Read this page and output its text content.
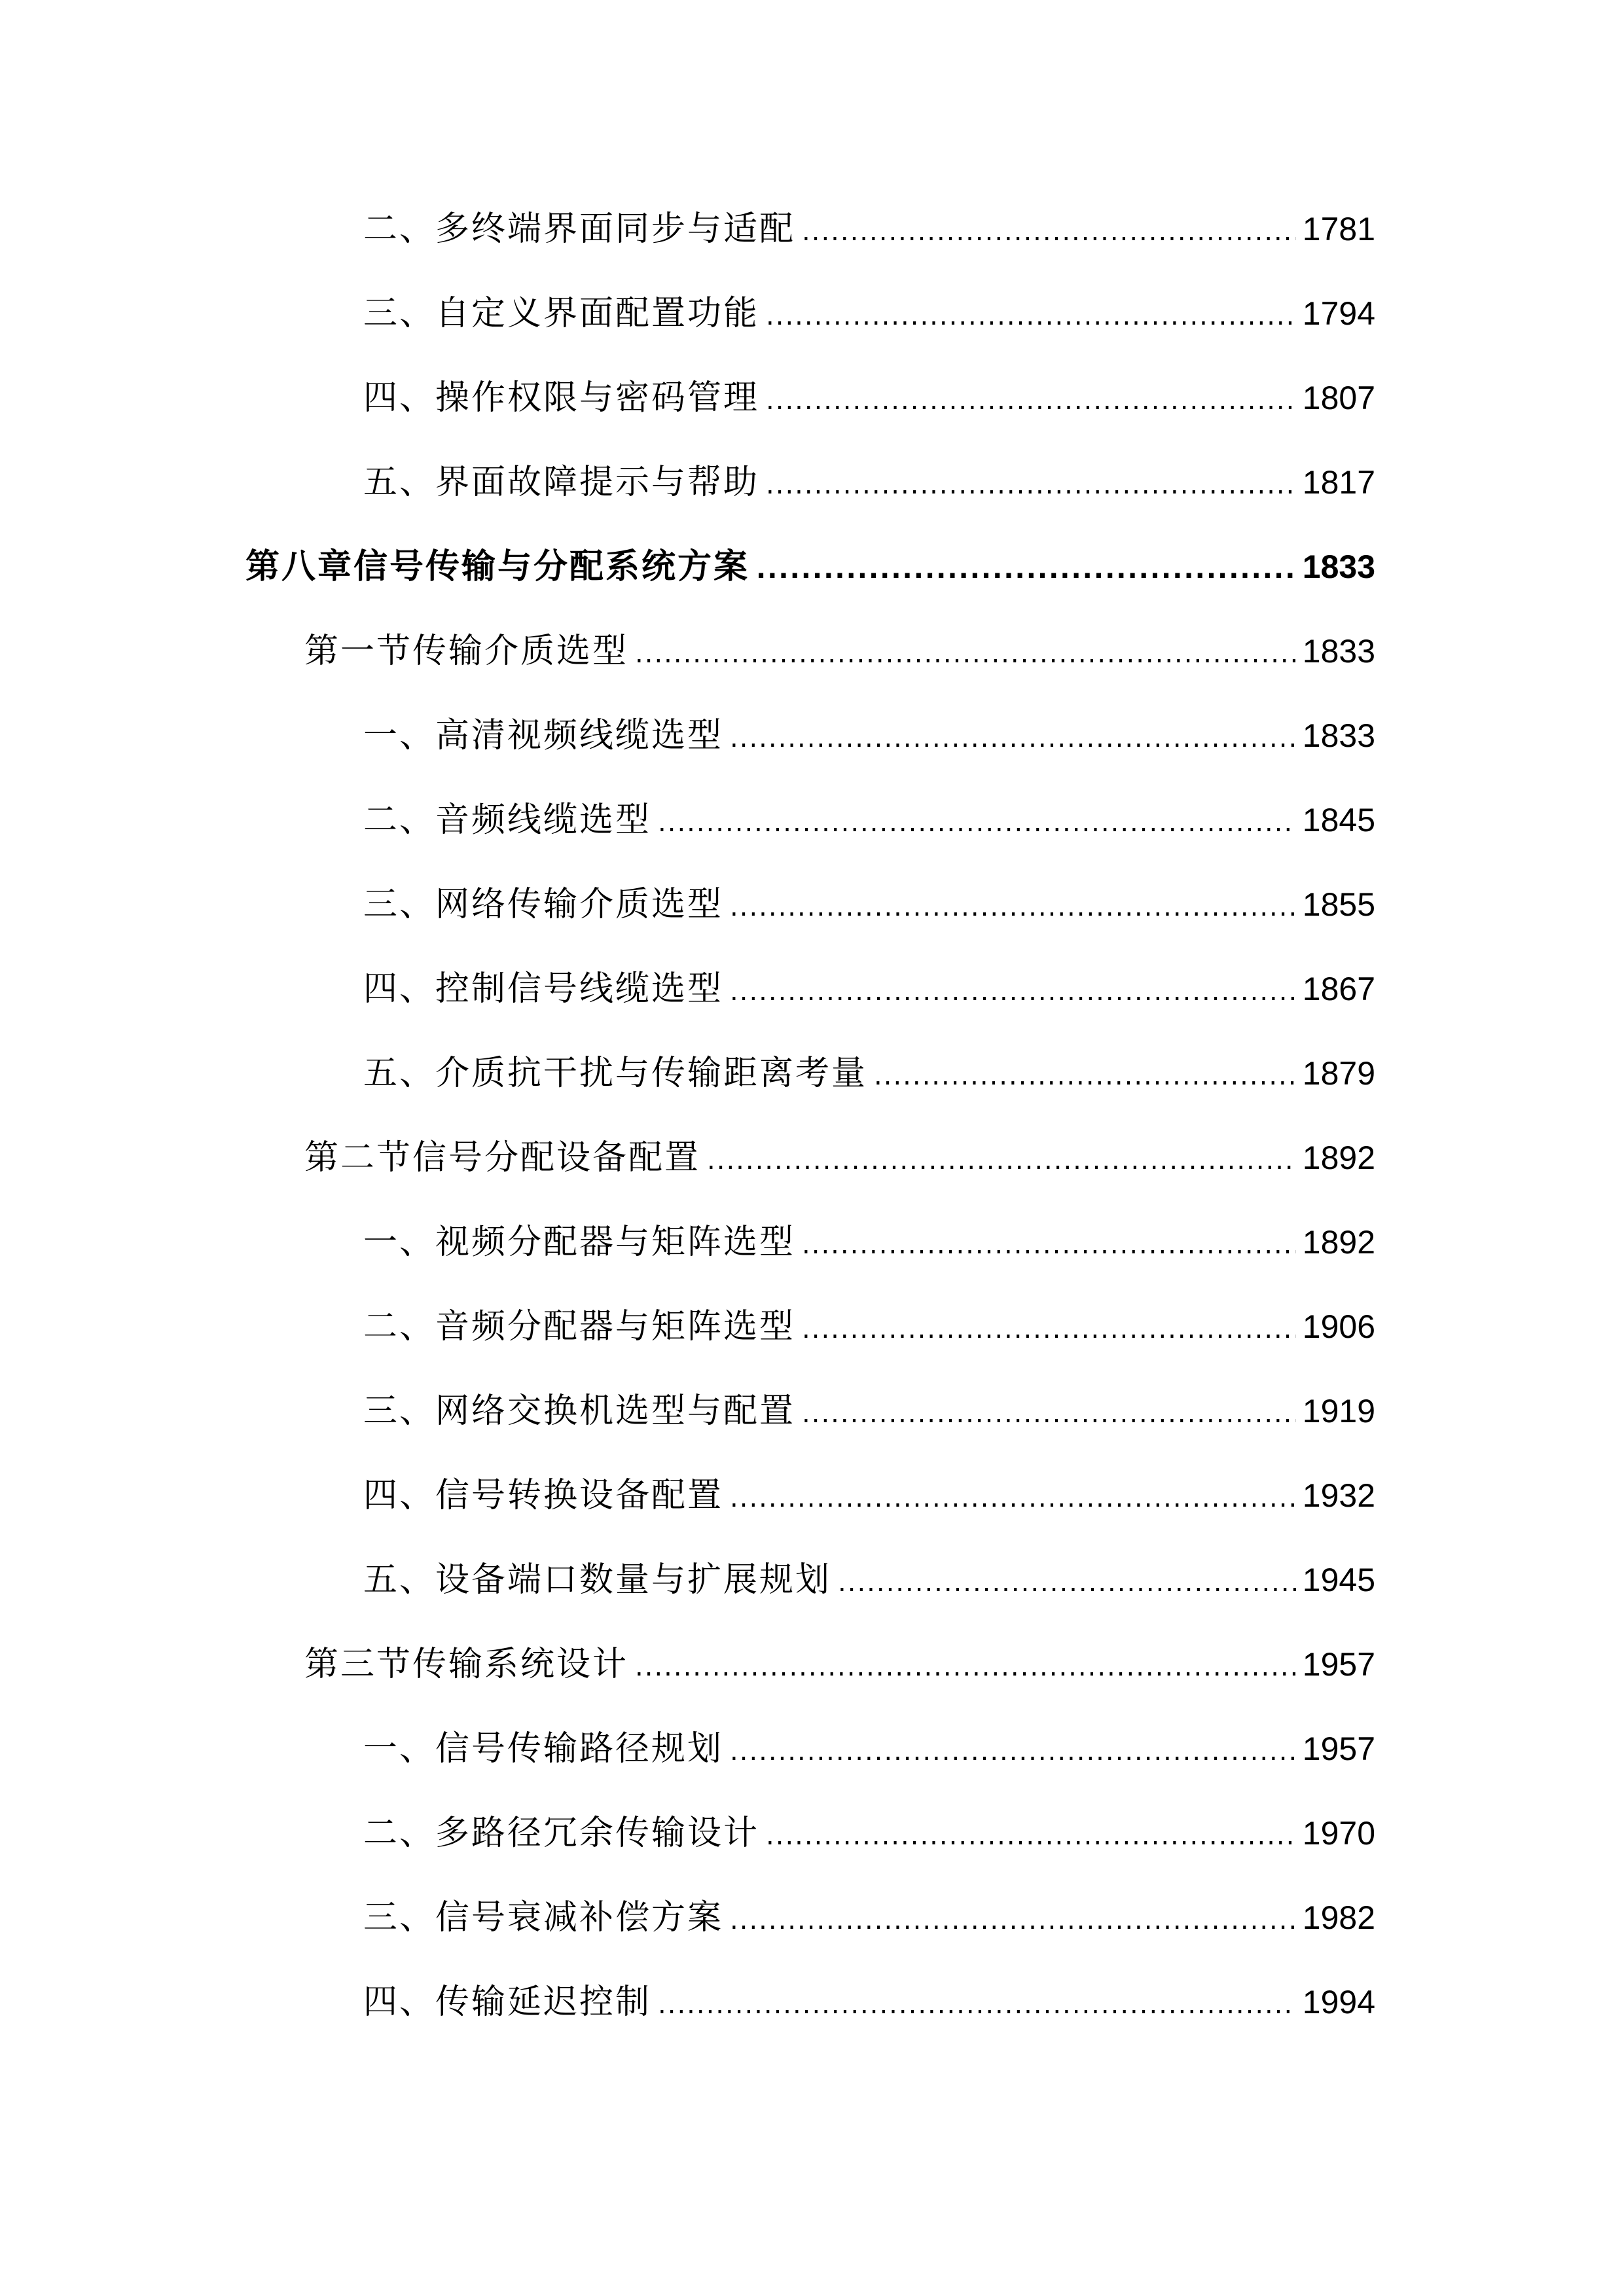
二、多终端界面同步与适配 .....	1781
三、自定义界面配置功能 .....	1794
四、操作权限与密码管理 .....	1807
五、界面故障提示与帮助 .....	1817
第八章信号传输与分配系统方案 .....	1833
第一节传输介质选型 .....	1833
一、高清视频线缆选型 .....	1833
二、音频线缆选型 .....	1845
三、网络传输介质选型 .....	1855
四、控制信号线缆选型 .....	1867
五、介质抗干扰与传输距离考量 .....	1879
第二节信号分配设备配置 .....	1892
一、视频分配器与矩阵选型 .....	1892
二、音频分配器与矩阵选型 .....	1906
三、网络交换机选型与配置 .....	1919
四、信号转换设备配置 .....	1932
五、设备端口数量与扩展规划 .....	1945
第三节传输系统设计 .....	1957
一、信号传输路径规划 .....	1957
二、多路径冗余传输设计 .....	1970
三、信号衰减补偿方案 .....	1982
四、传输延迟控制 .....	1994
